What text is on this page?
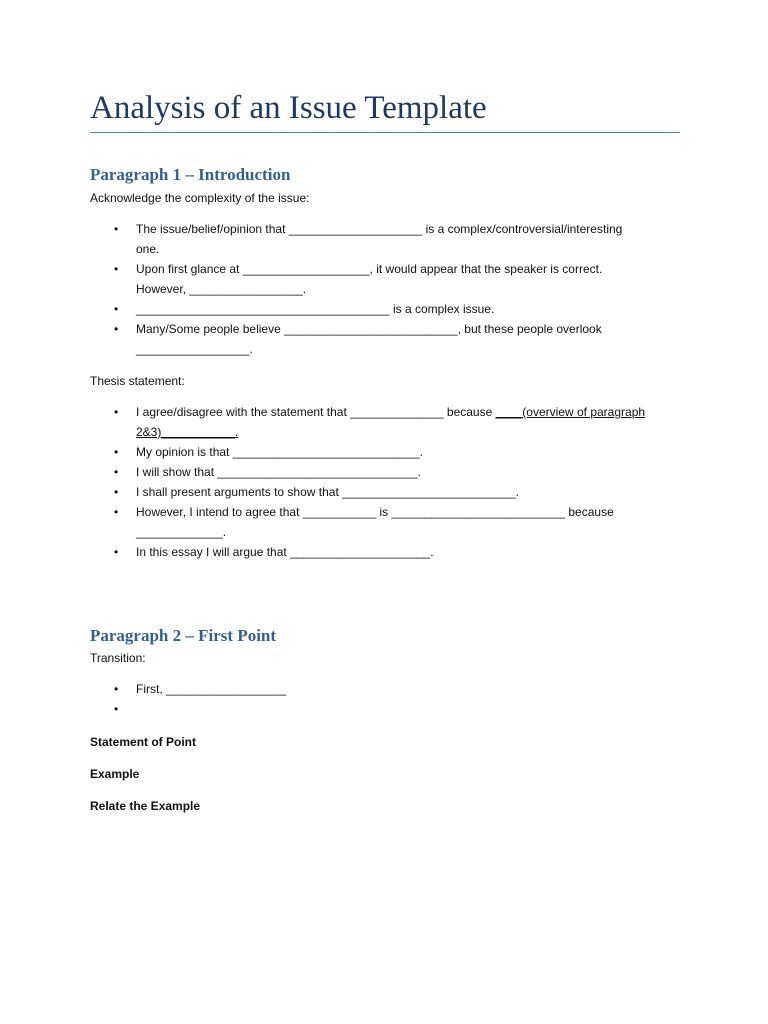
Analysis of an Issue Template
Paragraph 1 – Introduction
Acknowledge the complexity of the issue:
• The issue/belief/opinion that ____________________ is a complex/controversial/interesting
one.
• Upon first glance at ___________________, it would appear that the speaker is correct.
However, _________________.
• ______________________________________ is a complex issue.
• Many/Some people believe __________________________, but these people overlook
_________________.
Thesis statement:
• I agree/disagree with the statement that ______________ because ____(overview of paragraph
2&3)___________.
• My opinion is that ____________________________.
• I will show that ______________________________.
• I shall present arguments to show that __________________________.
• However, I intend to agree that ___________ is __________________________ because
_____________.
• In this essay I will argue that _____________________.
Paragraph 2 – First Point
Transition:
• First, __________________
•

Statement of Point
Example
Relate the Example
